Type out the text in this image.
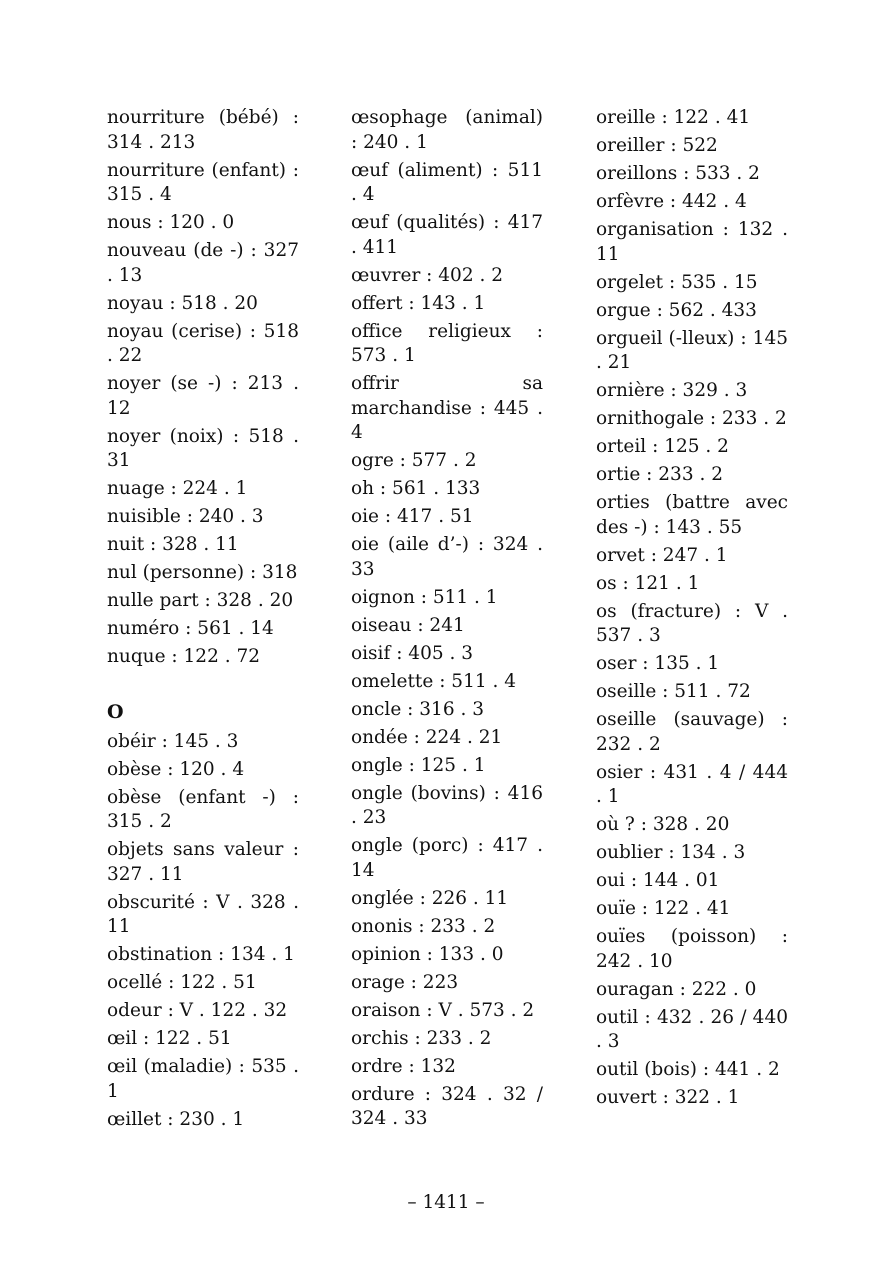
nourriture (bébé) : 314 . 213
nourriture (enfant) : 315 . 4
nous : 120 . 0
nouveau (de -) : 327 . 13
noyau : 518 . 20
noyau (cerise) : 518 . 22
noyer (se -) : 213 . 12
noyer (noix) : 518 . 31
nuage : 224 . 1
nuisible : 240 . 3
nuit : 328 . 11
nul (personne) : 318
nulle part : 328 . 20
numéro : 561 . 14
nuque : 122 . 72
O
obéir : 145 . 3
obèse : 120 . 4
obèse (enfant -) : 315 . 2
objets sans valeur : 327 . 11
obscurité : V . 328 . 11
obstination : 134 . 1
ocellé : 122 . 51
odeur : V . 122 . 32
œil : 122 . 51
œil (maladie) : 535 . 1
œillet : 230 . 1
œsophage (animal) : 240 . 1
œuf (aliment) : 511 . 4
œuf (qualités) : 417 . 411
œuvrer : 402 . 2
offert : 143 . 1
office religieux : 573 . 1
offrir sa marchandise : 445 . 4
ogre : 577 . 2
oh : 561 . 133
oie : 417 . 51
oie (aile d’-) : 324 . 33
oignon : 511 . 1
oiseau : 241
oisif : 405 . 3
omelette : 511 . 4
oncle : 316 . 3
ondée : 224 . 21
ongle : 125 . 1
ongle (bovins) : 416 . 23
ongle (porc) : 417 . 14
onglée : 226 . 11
ononis : 233 . 2
opinion : 133 . 0
orage : 223
oraison : V . 573 . 2
orchis : 233 . 2
ordre : 132
ordure : 324 . 32 / 324 . 33
oreille : 122 . 41
oreiller : 522
oreillons : 533 . 2
orfèvre : 442 . 4
organisation : 132 . 11
orgelet : 535 . 15
orgue : 562 . 433
orgueil (-lleux) : 145 . 21
ornière : 329 . 3
ornithogale : 233 . 2
orteil : 125 . 2
ortie : 233 . 2
orties (battre avec des -) : 143 . 55
orvet : 247 . 1
os : 121 . 1
os (fracture) : V . 537 . 3
oser : 135 . 1
oseille : 511 . 72
oseille (sauvage) : 232 . 2
osier : 431 . 4 / 444 . 1
où ? : 328 . 20
oublier : 134 . 3
oui : 144 . 01
ouïe : 122 . 41
ouïes (poisson) : 242 . 10
ouragan : 222 . 0
outil : 432 . 26 / 440 . 3
outil (bois) : 441 . 2
ouvert : 322 . 1
– 1411 –
